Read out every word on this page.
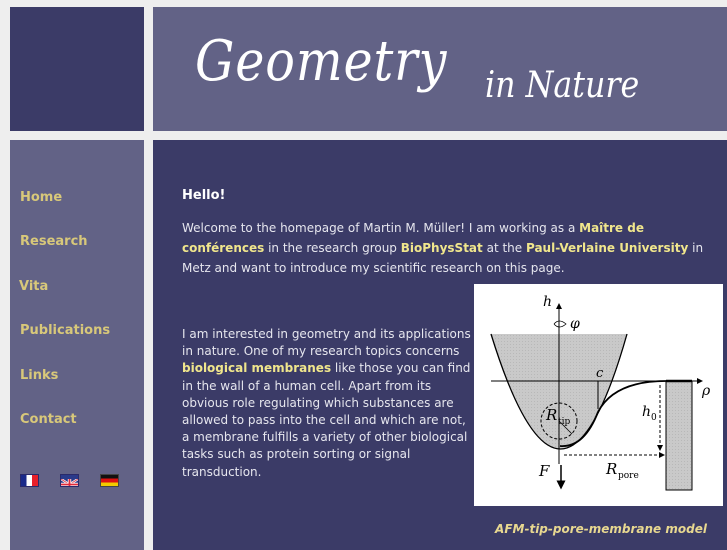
Geometry in Nature
Home
Research
Vita
Publications
Links
Contact
Hello!
Welcome to the homepage of Martin M. Müller! I am working as a Maître de conférences in the research group BioPhysStat at the Paul-Verlaine University in Metz and want to introduce my scientific research on this page.
I am interested in geometry and its applications in nature. One of my research topics concerns biological membranes like those you can find in the wall of a human cell. Apart from its obvious role regulating which substances are allowed to pass into the cell and which are not, a membrane fulfills a variety of other biological tasks such as protein sorting or signal transduction.
h
φ
c
ρ
h 0
R tip
F	R pore
AFM-tip-pore-membrane model
